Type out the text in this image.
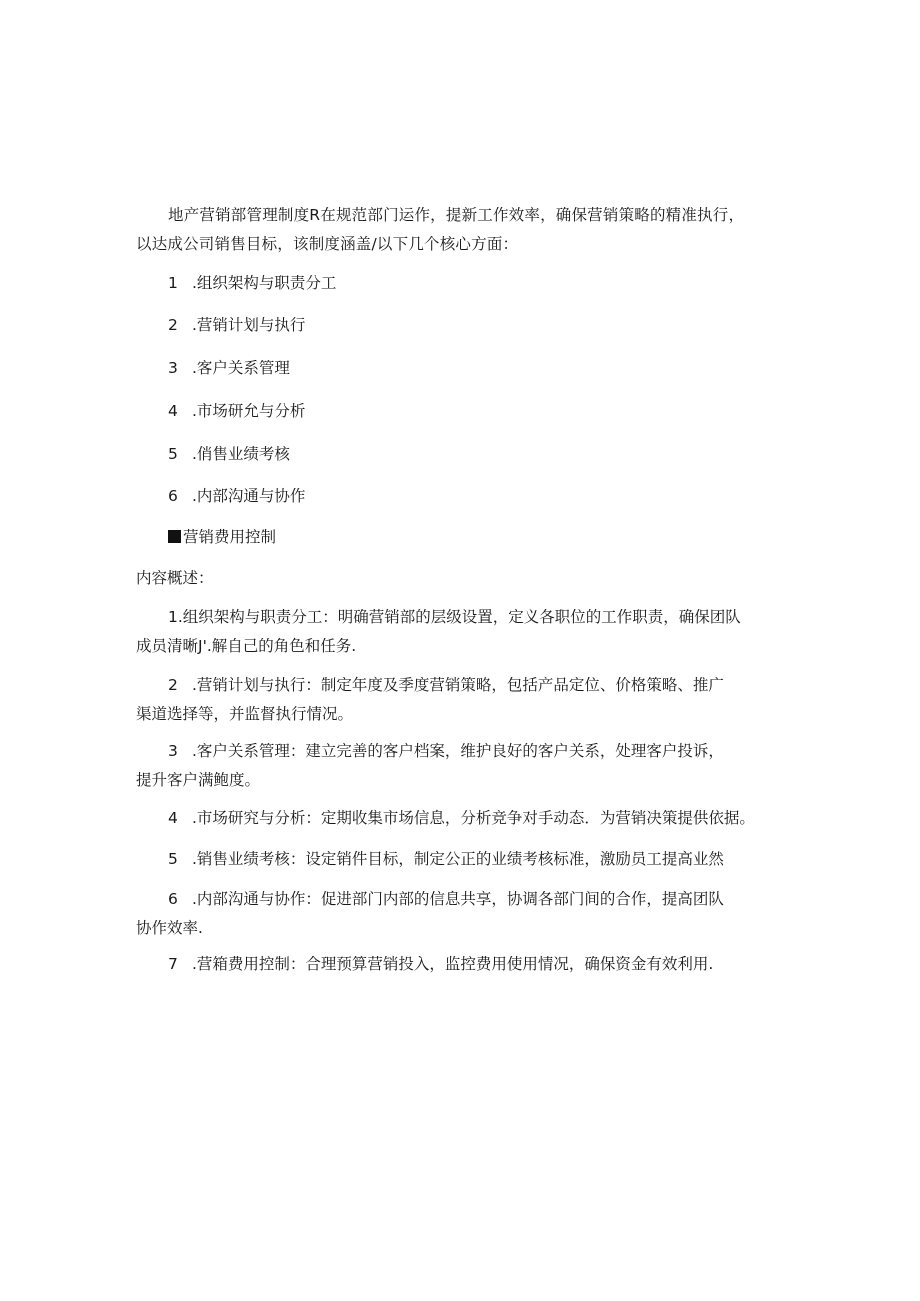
地产营销部管理制度R在规范部门运作，提新工作效率，确保营销策略的精准执行，
以达成公司销售目标，该制度涵盖/以下几个核心方面：

1 .组织架构与职责分工

2 .营销计划与执行

3 .客户关系管理

4 .市场研允与分析

5 .俏售业绩考核

6 .内部沟通与协作

营销费用控制

内容概述：

1.组织架构与职责分工：明确营销部的层级设置，定义各职位的工作职责，确保团队
成员清晰J'.解自己的角色和任务.

2 .营销计划与执行：制定年度及季度营销策略，包括产品定位、价格策略、推广
渠道选择等，并监督执行情况。

3 .客户关系管理：建立完善的客户档案，维护良好的客户关系，处理客户投诉，
提升客户满鲍度。

4 .市场研究与分析：定期收集市场信息，分析竞争对手动态．为营销决策提供依据。

5 .销售业绩考核：设定销件目标，制定公正的业绩考核标准，激励员工提高业然

6 .内部沟通与协作：促进部门内部的信息共享，协调各部门间的合作，提高团队
协作效率.

7 .营箱费用控制：合理预算营销投入，监控费用使用情况，确保资金有效利用.
